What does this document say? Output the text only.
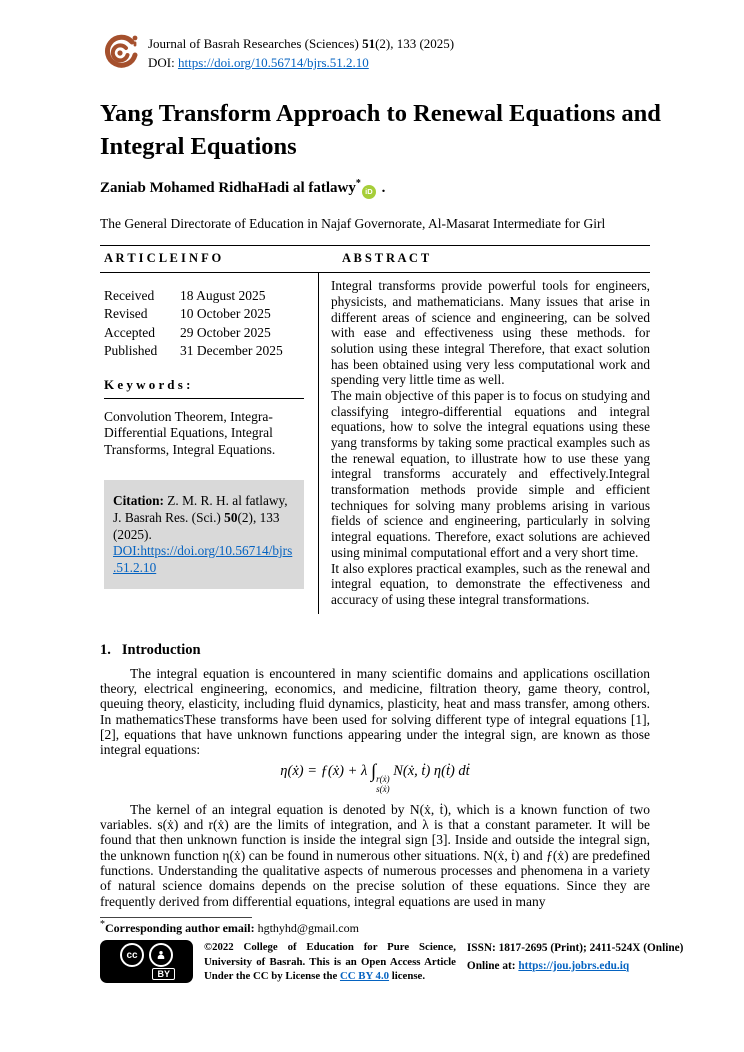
Journal of Basrah Researches (Sciences) 51(2), 133 (2025)
DOI: https://doi.org/10.56714/bjrs.51.2.10
Yang Transform Approach to Renewal Equations and Integral Equations
Zaniab Mohamed RidhaHadi al fatlawy*iD .
The General Directorate of Education in Najaf Governorate, Al-Masarat Intermediate for Girl
A R T I C L E I N F O	A B S T R A C T
Received	18 August 2025
Revised	10 October 2025
Accepted	29 October 2025
Published	31 December 2025
K e y w o r d s :
Convolution Theorem, Integra-Differential Equations, Integral Transforms, Integral Equations.
Citation: Z. M. R. H. al fatlawy, J. Basrah Res. (Sci.) 50(2), 133 (2025).
DOI:https://doi.org/10.56714/bjrs.51.2.10

Integral transforms provide powerful tools for engineers, physicists, and mathematicians. Many issues that arise in different areas of science and engineering, can be solved with ease and effectiveness using these methods. for solution using these integral Therefore, that exact solution has been obtained using very less computational work and spending very little time as well.

The main objective of this paper is to focus on studying and classifying integro-differential equations and integral equations, how to solve the integral equations using these yang transforms by taking some practical examples such as the renewal equation, to illustrate how to use these yang integral transforms accurately and effectively.Integral transformation methods provide simple and efficient techniques for solving many problems arising in various fields of science and engineering, particularly in solving integral equations. Therefore, exact solutions are achieved using minimal computational effort and a very short time.

It also explores practical examples, such as the renewal and integral equation, to demonstrate the effectiveness and accuracy of using these integral transformations.

1. Introduction

The integral equation is encountered in many scientific domains and applications oscillation theory, electrical engineering, economics, and medicine, filtration theory, game theory, control, queuing theory, elasticity, including fluid dynamics, plasticity, heat and mass transfer, among others. In mathematicsThese transforms have been used for solving different type of integral equations [1], [2], equations that have unknown functions appearing under the integral sign, are known as those integral equations:

η(ẋ) = ƒ(ẋ) + λ ∫ r(ẋ)
s(ẋ)
N(ẋ, ṫ) η(ṫ) dṫ

The kernel of an integral equation is denoted by N(ẋ, ṫ), which is a known function of two variables. s(ẋ) and r(ẋ) are the limits of integration, and λ is that a constant parameter. It will be found that then unknown function is inside the integral sign [3]. Inside and outside the integral sign, the unknown function η(ẋ) can be found in numerous other situations. N(ẋ, ṫ) and ƒ(ẋ) are predefined functions. Understanding the qualitative aspects of numerous processes and phenomena in a variety of natural science domains depends on the precise solution of these equations. Since they are frequently derived from differential equations, integral equations are used in many

*Corresponding author email: hgthyhd@gmail.com
cc
BY
©2022 College of Education for Pure Science, University of Basrah. This is an Open Access Article Under the CC by License the CC BY 4.0 license.
ISSN: 1817-2695 (Print); 2411-524X (Online)
Online at: https://jou.jobrs.edu.iq
